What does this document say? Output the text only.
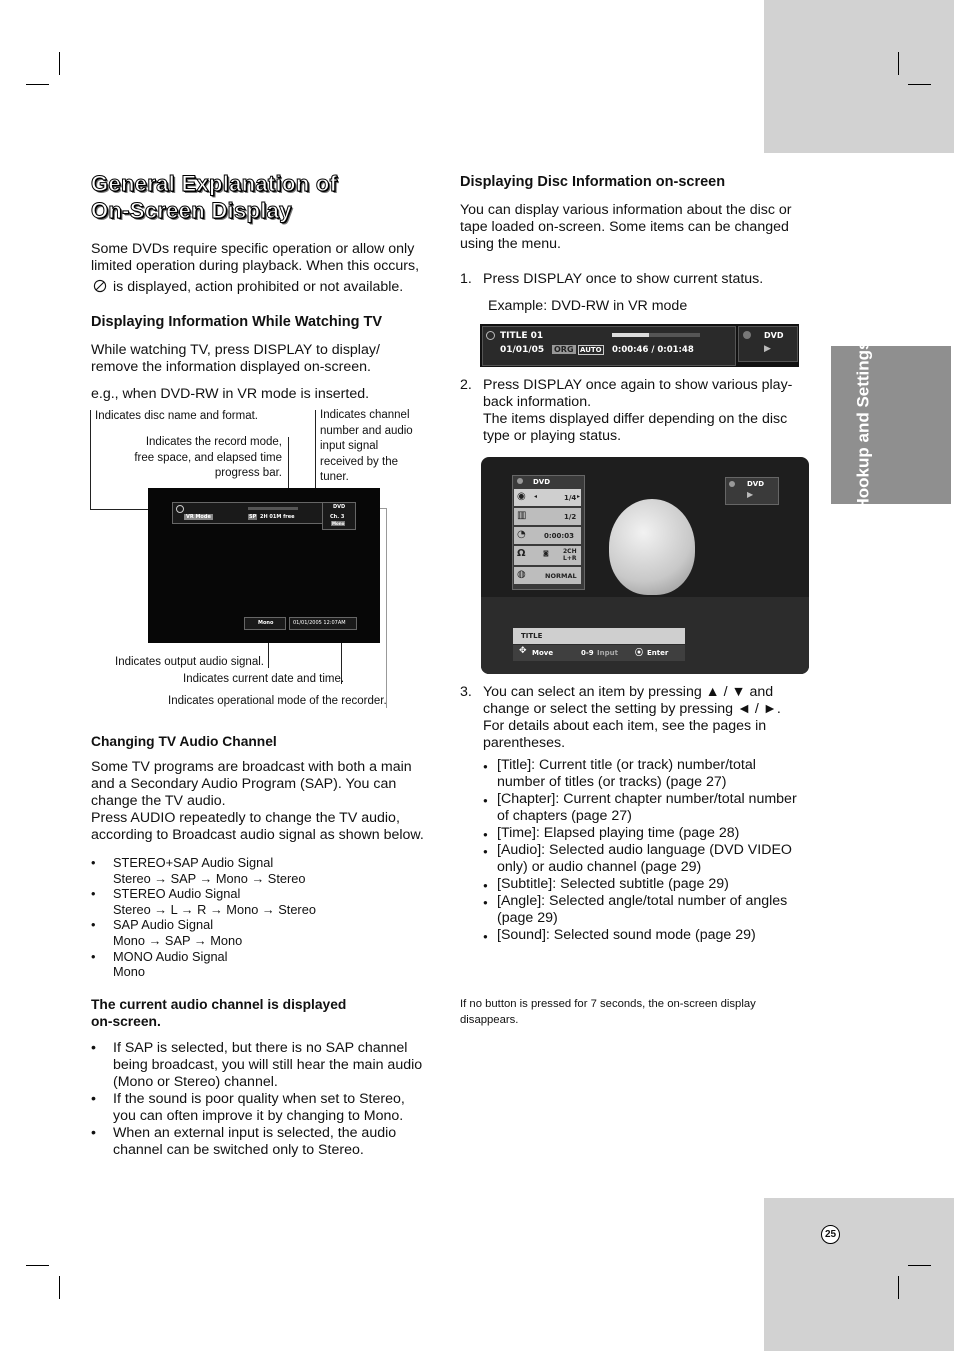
Hookup and Settings
General Explanation of
On-Screen Display

Some DVDs require specific operation or allow only
limited operation during playback. When this occurs,

is displayed, action prohibited or not available.

Displaying Information While Watching TV

While watching TV, press DISPLAY to display/
remove the information displayed on-screen.

e.g., when DVD-RW in VR mode is inserted.

Indicates disc name and format.
Indicates the record mode,
free space, and elapsed time
progress bar.
Indicates channel
number and audio
input signal
received by the
tuner.
VR Mode	SP 2H 01M free
DVD
Ch. 3
Mono
Mono	01/01/2005 12:07AM
Indicates output audio signal.
Indicates current date and time.
Indicates operational mode of the recorder.
Changing TV Audio Channel

Some TV programs are broadcast with both a main
and a Secondary Audio Program (SAP). You can
change the TV audio.
Press AUDIO repeatedly to change the TV audio,
according to Broadcast audio signal as shown below.

• STEREO+SAP Audio Signal
Stereo → SAP → Mono → Stereo
• STEREO Audio Signal
Stereo → L → R → Mono → Stereo
• SAP Audio Signal
Mono → SAP → Mono
• MONO Audio Signal
Mono
The current audio channel is displayed
on-screen.
• If SAP is selected, but there is no SAP channel
being broadcast, you will still hear the main audio
(Mono or Stereo) channel.
• If the sound is poor quality when set to Stereo,
you can often improve it by changing to Mono.
• When an external input is selected, the audio
channel can be switched only to Stereo.
Displaying Disc Information on-screen

You can display various information about the disc or
tape loaded on-screen. Some items can be changed
using the menu.

1. Press DISPLAY once to show current status.

Example: DVD-RW in VR mode

TITLE 01
01/01/05 ORG AUTO 0:00:46 / 0:01:48
DVD
▶
2. Press DISPLAY once again to show various play-
back information.
The items displayed differ depending on the disc
type or playing status.

DVD
◉ ◂	1/4 ▸
▥	1/2
◔	0:00:03
Ω	◙ 2CH
L+R
◍	NORMAL
DVD
▶
TITLE
✥ Move	0-9 Input ⦿ Enter
3. You can select an item by pressing ▲ / ▼ and
change or select the setting by pressing ◄ / ►.
For details about each item, see the pages in
parentheses.

● [Title]: Current title (or track) number/total
number of titles (or tracks) (page 27)
● [Chapter]: Current chapter number/total number
of chapters (page 27)
● [Time]: Elapsed playing time (page 28)
● [Audio]: Selected audio language (DVD VIDEO
only) or audio channel (page 29)
● [Subtitle]: Selected subtitle (page 29)
● [Angle]: Selected angle/total number of angles
(page 29)
● [Sound]: Selected sound mode (page 29)
If no button is pressed for 7 seconds, the on-screen display
disappears.
25
